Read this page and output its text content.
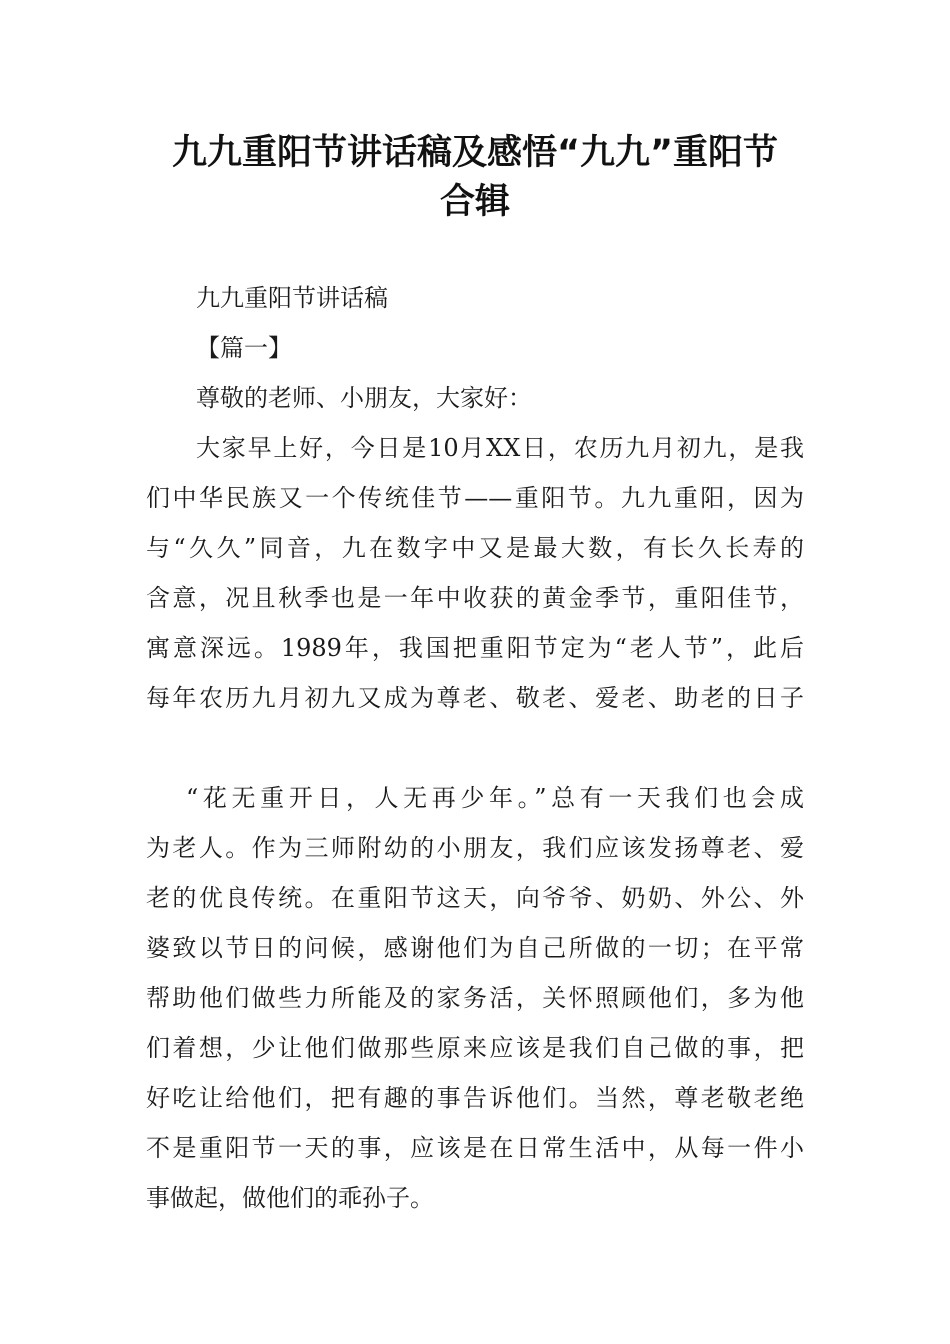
九九重阳节讲话稿及感悟“九九”重阳节
合辑

九九重阳节讲话稿

【篇一】

尊敬的老师、小朋友，大家好：

大家早上好，今日是10月XX日，农历九月初九，是我

们中华民族又一个传统佳节——重阳节。九九重阳，因为

与“久久”同音，九在数字中又是最大数，有长久长寿的

含意，况且秋季也是一年中收获的黄金季节，重阳佳节，

寓意深远。1989年，我国把重阳节定为“老人节”，此后

每年农历九月初九又成为尊老、敬老、爱老、助老的日子

“花无重开日，人无再少年。”总有一天我们也会成

为老人。作为三师附幼的小朋友，我们应该发扬尊老、爱

老的优良传统。在重阳节这天，向爷爷、奶奶、外公、外

婆致以节日的问候，感谢他们为自己所做的一切；在平常

帮助他们做些力所能及的家务活，关怀照顾他们，多为他

们着想，少让他们做那些原来应该是我们自己做的事，把

好吃让给他们，把有趣的事告诉他们。当然，尊老敬老绝

不是重阳节一天的事，应该是在日常生活中，从每一件小

事做起，做他们的乖孙子。
